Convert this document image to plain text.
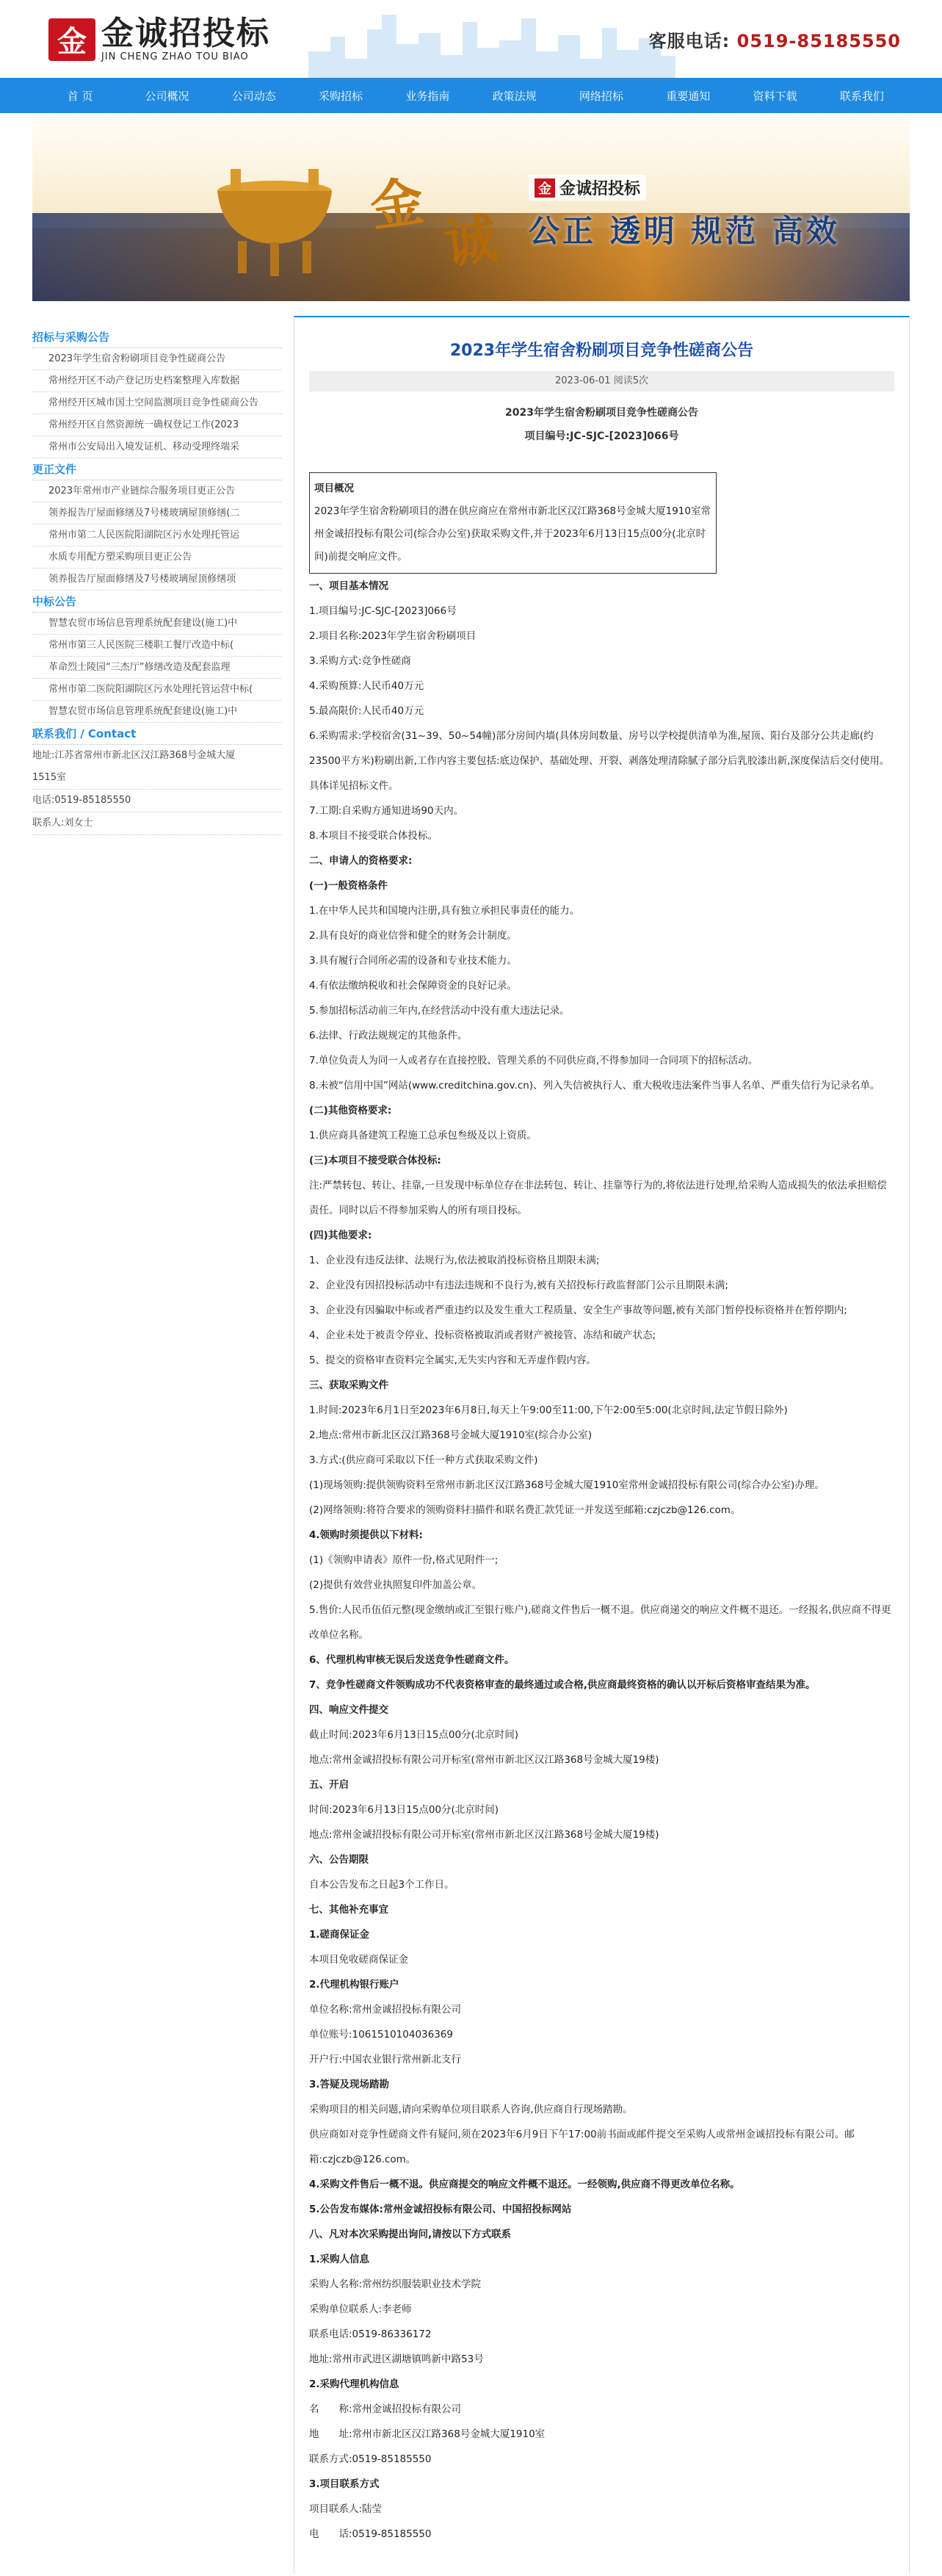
金 金诚招投标
JIN CHENG ZHAO TOU BIAO
客服电话: 0519-85185550
首 页	公司概况	公司动态	采购招标	业务指南	政策法规	网络招标	重要通知	资料下载	联系我们
金
诚
金 金诚招投标
公正 透明 规范 高效
招标与采购公告
2023年学生宿舍粉刷项目竞争性磋商公告
常州经开区不动产登记历史档案整理入库数据
常州经开区城市国土空间监测项目竞争性磋商公告
常州经开区自然资源统一确权登记工作(2023
常州市公安局出入境发证机、移动受理终端采
更正文件
2023年常州市产业链综合服务项目更正公告
领养报告厅屋面修缮及7号楼玻璃屋顶修缮(二
常州市第二人民医院阳湖院区污水处理托管运
水质专用配方塑采购项目更正公告
领养报告厅屋面修缮及7号楼玻璃屋顶修缮项
中标公告
智慧农贸市场信息管理系统配套建设(施工)中
常州市第三人民医院三楼职工餐厅改造中标(
革命烈士陵园“三杰厅”修缮改造及配套监理
常州市第二医院阳湖院区污水处理托管运营中标(
智慧农贸市场信息管理系统配套建设(施工)中
联系我们 / Contact
地址:江苏省常州市新北区汉江路368号金城大厦
1515室
电话:0519-85185550
联系人:刘女士
2023年学生宿舍粉刷项目竞争性磋商公告
2023-06-01 阅读5次
2023年学生宿舍粉刷项目竞争性磋商公告
项目编号:JC-SJC-[2023]066号
项目概况
2023年学生宿舍粉刷项目的潜在供应商应在常州市新北区汉江路368号金城大厦1910室常州金诚招投标有限公司(综合办公室)获取采购文件,并于2023年6月13日15点00分(北京时间)前提交响应文件。
一、项目基本情况
1.项目编号:JC-SJC-[2023]066号
2.项目名称:2023年学生宿舍粉刷项目
3.采购方式:竞争性磋商
4.采购预算:人民币40万元
5.最高限价:人民币40万元
6.采购需求:学校宿舍(31~39、50~54幢)部分房间内墙(具体房间数量、房号以学校提供清单为准,屋顶、阳台及部分公共走廊(约23500平方米)粉刷出新,工作内容主要包括:底边保护、基础处理、开裂、剥落处理清除腻子部分后乳胶漆出新,深度保洁后交付使用。具体详见招标文件。
7.工期:自采购方通知进场90天内。
8.本项目不接受联合体投标。
二、申请人的资格要求:
(一)一般资格条件
1.在中华人民共和国境内注册,具有独立承担民事责任的能力。
2.具有良好的商业信誉和健全的财务会计制度。
3.具有履行合同所必需的设备和专业技术能力。
4.有依法缴纳税收和社会保障资金的良好记录。
5.参加招标活动前三年内,在经营活动中没有重大违法记录。
6.法律、行政法规规定的其他条件。
7.单位负责人为同一人或者存在直接控股、管理关系的不同供应商,不得参加同一合同项下的招标活动。
8.未被“信用中国”网站(www.creditchina.gov.cn)、列入失信被执行人、重大税收违法案件当事人名单、严重失信行为记录名单。
(二)其他资格要求:
1.供应商具备建筑工程施工总承包叁级及以上资质。
(三)本项目不接受联合体投标:
注:严禁转包、转让、挂靠,一旦发现中标单位存在非法转包、转让、挂靠等行为的,将依法进行处理,给采购人造成损失的依法承担赔偿责任。同时以后不得参加采购人的所有项目投标。
(四)其他要求:
1、企业没有违反法律、法规行为,依法被取消投标资格且期限未满;
2、企业没有因招投标活动中有违法违规和不良行为,被有关招投标行政监督部门公示且期限未满;
3、企业没有因骗取中标或者严重违约以及发生重大工程质量、安全生产事故等问题,被有关部门暂停投标资格并在暂停期内;
4、企业未处于被责令停业、投标资格被取消或者财产被接管、冻结和破产状态;
5、提交的资格审查资料完全属实,无失实内容和无弄虚作假内容。
三、获取采购文件
1.时间:2023年6月1日至2023年6月8日,每天上午9:00至11:00,下午2:00至5:00(北京时间,法定节假日除外)
2.地点:常州市新北区汉江路368号金城大厦1910室(综合办公室)
3.方式:(供应商可采取以下任一种方式获取采购文件)
(1)现场领购:提供领购资料至常州市新北区汉江路368号金城大厦1910室常州金诚招投标有限公司(综合办公室)办理。
(2)网络领购:将符合要求的领购资料扫描件和联名费汇款凭证一并发送至邮箱:czjczb@126.com。
4.领购时须提供以下材料:
(1)《领购申请表》原件一份,格式见附件一;
(2)提供有效营业执照复印件加盖公章。
5.售价:人民币伍佰元整(现金缴纳或汇至银行账户),磋商文件售后一概不退。供应商递交的响应文件概不退还。一经报名,供应商不得更改单位名称。
6、代理机构审核无误后发送竞争性磋商文件。
7、竞争性磋商文件领购成功不代表资格审查的最终通过或合格,供应商最终资格的确认以开标后资格审查结果为准。
四、响应文件提交
截止时间:2023年6月13日15点00分(北京时间)
地点:常州金诚招投标有限公司开标室(常州市新北区汉江路368号金城大厦19楼)
五、开启
时间:2023年6月13日15点00分(北京时间)
地点:常州金诚招投标有限公司开标室(常州市新北区汉江路368号金城大厦19楼)
六、公告期限
自本公告发布之日起3个工作日。
七、其他补充事宜
1.磋商保证金
本项目免收磋商保证金
2.代理机构银行账户
单位名称:常州金诚招投标有限公司
单位账号:1061510104036369
开户行:中国农业银行常州新北支行
3.答疑及现场踏勘
采购项目的相关问题,请向采购单位项目联系人咨询,供应商自行现场踏勘。
供应商如对竞争性磋商文件有疑问,须在2023年6月9日下午17:00前书面或邮件提交至采购人或常州金诚招投标有限公司。邮箱:czjczb@126.com。
4.采购文件售后一概不退。供应商提交的响应文件概不退还。一经领购,供应商不得更改单位名称。
5.公告发布媒体:常州金诚招投标有限公司、中国招投标网站
八、凡对本次采购提出询问,请按以下方式联系
1.采购人信息
采购人名称:常州纺织服装职业技术学院
采购单位联系人:李老师
联系电话:0519-86336172
地址:常州市武进区湖塘镇鸣新中路53号
2.采购代理机构信息
名　　称:常州金诚招投标有限公司
地　　址:常州市新北区汉江路368号金城大厦1910室
联系方式:0519-85185550
3.项目联系方式
项目联系人:陆莹
电　　话:0519-85185550
